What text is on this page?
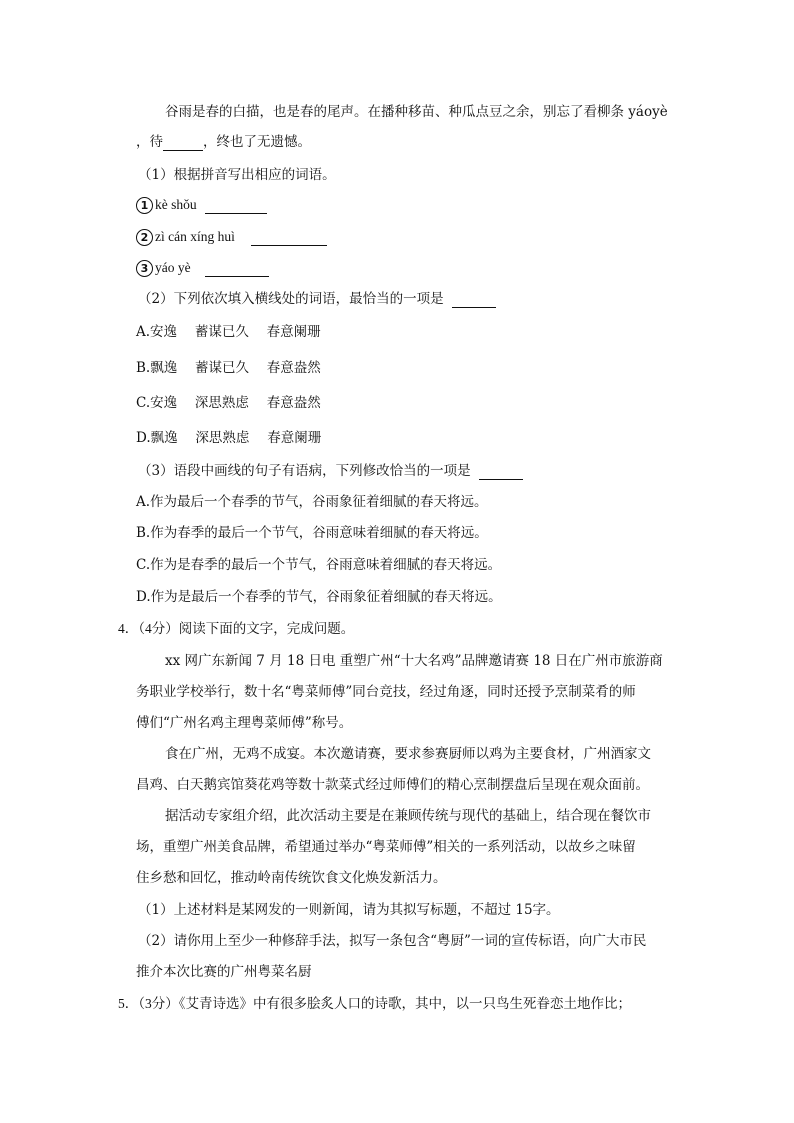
谷雨是春的白描，也是春的尾声。在播种移苗、种瓜点豆之余，别忘了看柳条 yáoyè
，待	，终也了无遗憾。
（1）根据拼音写出相应的词语。
1 kè shǒu
2 zì cán xíng huì
3 yáo yè
（2）下列依次填入横线处的词语，最恰当的一项是
A.安逸　 蓄谋已久　 春意阑珊
B.飘逸　 蓄谋已久　 春意盎然
C.安逸　 深思熟虑　 春意盎然
D.飘逸　 深思熟虑　 春意阑珊
（3）语段中画线的句子有语病，下列修改恰当的一项是
A.作为最后一个春季的节气，谷雨象征着细腻的春天将远。
B.作为春季的最后一个节气，谷雨意味着细腻的春天将远。
C.作为是春季的最后一个节气，谷雨意味着细腻的春天将远。
D.作为是最后一个春季的节气，谷雨象征着细腻的春天将远。
4．（4分）阅读下面的文字，完成问题。
xx 网广东新闻 7 月 18 日电 重塑广州“十大名鸡”品牌邀请赛 18 日在广州市旅游商
务职业学校举行，数十名“粤菜师傅”同台竞技，经过角逐，同时还授予烹制菜肴的师
傅们“广州名鸡主理粤菜师傅”称号。
食在广州，无鸡不成宴。本次邀请赛，要求参赛厨师以鸡为主要食材，广州酒家文
昌鸡、白天鹅宾馆葵花鸡等数十款菜式经过师傅们的精心烹制摆盘后呈现在观众面前。
据活动专家组介绍，此次活动主要是在兼顾传统与现代的基础上，结合现在餐饮市
场，重塑广州美食品牌，希望通过举办“粤菜师傅”相关的一系列活动，以故乡之味留
住乡愁和回忆，推动岭南传统饮食文化焕发新活力。
（1）上述材料是某网发的一则新闻，请为其拟写标题，不超过 15字。
（2）请你用上至少一种修辞手法，拟写一条包含“粤厨”一词的宣传标语，向广大市民
推介本次比赛的广州粤菜名厨
5．（3分）《艾青诗选》中有很多脍炙人口的诗歌，其中，以一只鸟生死眷恋土地作比；
